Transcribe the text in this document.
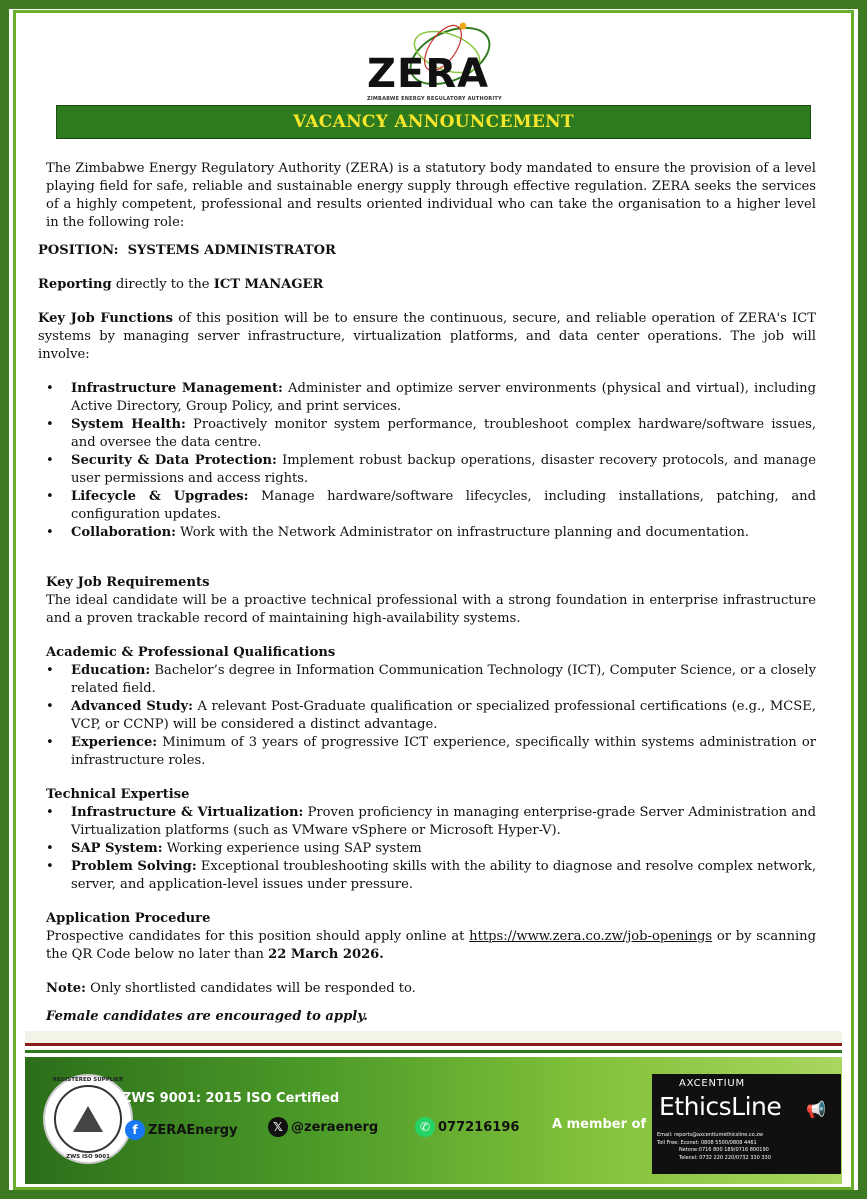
ZERA
ZIMBABWE ENERGY REGULATORY AUTHORITY
VACANCY ANNOUNCEMENT

The Zimbabwe Energy Regulatory Authority (ZERA) is a statutory body mandated to ensure the provision of a level playing field for safe, reliable and sustainable energy supply through effective regulation. ZERA seeks the services of a highly competent, professional and results oriented individual who can take the organisation to a higher level in the following role:

POSITION: SYSTEMS ADMINISTRATOR

Reporting directly to the ICT MANAGER

Key Job Functions of this position will be to ensure the continuous, secure, and reliable operation of ZERA's ICT systems by managing server infrastructure, virtualization platforms, and data center operations. The job will involve:

• Infrastructure Management: Administer and optimize server environments (physical and virtual), including Active Directory, Group Policy, and print services.
• System Health: Proactively monitor system performance, troubleshoot complex hardware/software issues, and oversee the data centre.
• Security & Data Protection: Implement robust backup operations, disaster recovery protocols, and manage user permissions and access rights.
• Lifecycle & Upgrades: Manage hardware/software lifecycles, including installations, patching, and configuration updates.
• Collaboration: Work with the Network Administrator on infrastructure planning and documentation.

Key Job Requirements

The ideal candidate will be a proactive technical professional with a strong foundation in enterprise infrastructure and a proven trackable record of maintaining high-availability systems.

Academic & Professional Qualifications

• Education: Bachelor’s degree in Information Communication Technology (ICT), Computer Science, or a closely related field.
• Advanced Study: A relevant Post-Graduate qualification or specialized professional certifications (e.g., MCSE, VCP, or CCNP) will be considered a distinct advantage.
• Experience: Minimum of 3 years of progressive ICT experience, specifically within systems administration or infrastructure roles.

Technical Expertise

• Infrastructure & Virtualization: Proven proficiency in managing enterprise-grade Server Administration and Virtualization platforms (such as VMware vSphere or Microsoft Hyper-V).
• SAP System: Working experience using SAP system
• Problem Solving: Exceptional troubleshooting skills with the ability to diagnose and resolve complex network, server, and application-level issues under pressure.

Application Procedure

Prospective candidates for this position should apply online at https://www.zera.co.zw/job-openings or by scanning the QR Code below no later than 22 March 2026.

Note: Only shortlisted candidates will be responded to.

Female candidates are encouraged to apply.

REGISTERED SUPPLIER
ZWS ISO 9001
ZWS 9001: 2015 ISO Certified
f ZERAEnergy	𝕏 @zeraenerg	✆ 077216196	A member of
AXCENTIUM
EthicsLine 📢
Email: reports@axcentiumethicsline.co.zw
Toll Free: Econet: 0808 5500/0808 4461
Netone:0716 800 189/0716 800190
Telecel: 0732 220 220/0732 330 330
